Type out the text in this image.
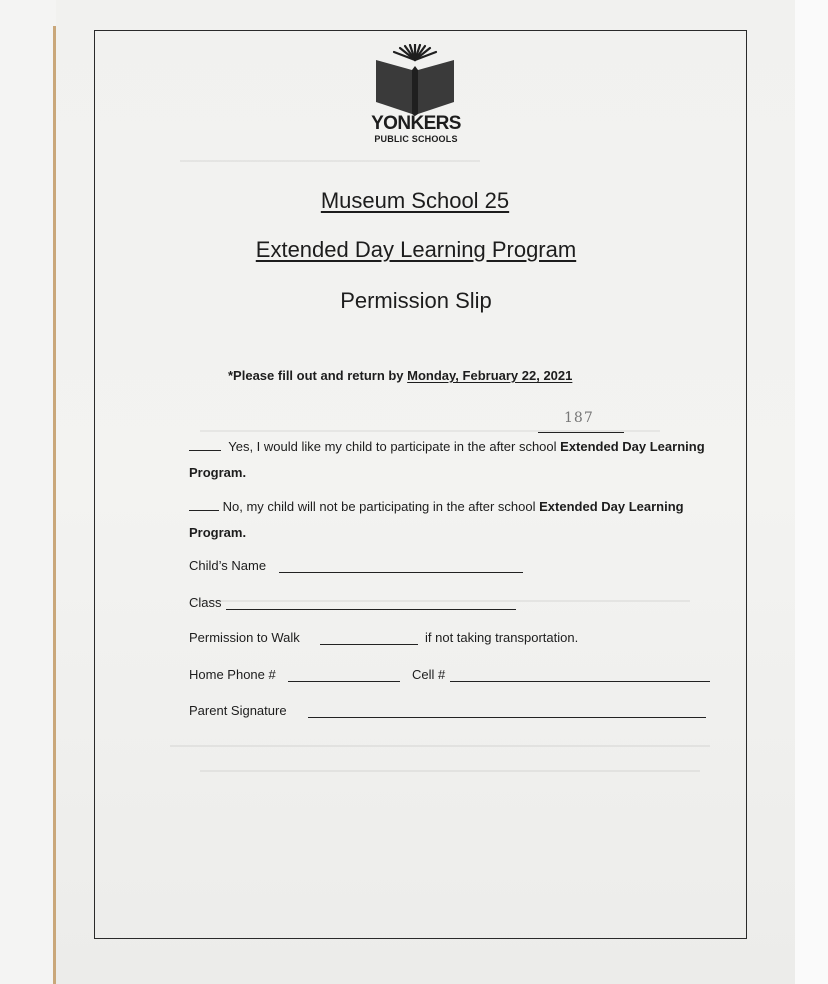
YONKERS
PUBLIC SCHOOLS
Museum School 25
Extended Day Learning Program
Permission Slip
*Please fill out and return by Monday, February 22, 2021
187
Yes, I would like my child to participate in the after school Extended Day Learning Program.
No, my child will not be participating in the after school Extended Day Learning Program.
Child’s Name
Class
Permission to Walk	if not taking transportation.
Home Phone #	Cell #
Parent Signature
